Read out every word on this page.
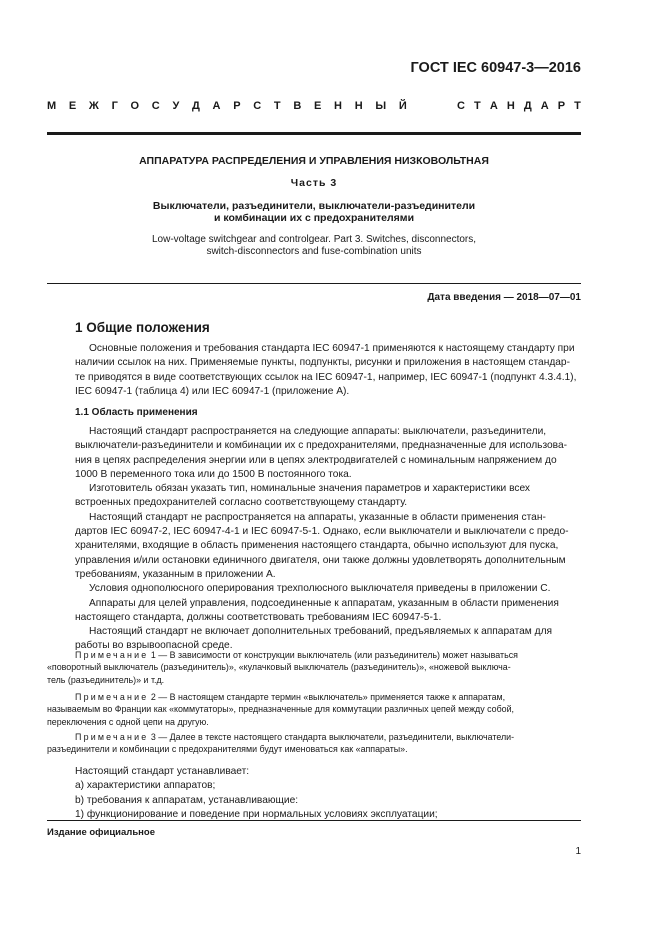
ГОСТ IEC 60947-3—2016
М Е Ж Г О С У Д А Р С Т В Е Н Н Ы Й	С Т А Н Д А Р Т
АППАРАТУРА РАСПРЕДЕЛЕНИЯ И УПРАВЛЕНИЯ НИЗКОВОЛЬТНАЯ
Часть 3
Выключатели, разъединители, выключатели-разъединители
и комбинации их с предохранителями
Low-voltage switchgear and controlgear. Part 3. Switches, disconnectors,
switch-disconnectors and fuse-combination units
Дата введения — 2018—07—01
1 Общие положения
Основные положения и требования стандарта IEC 60947-1 применяются к настоящему стандарту при
наличии ссылок на них. Применяемые пункты, подпункты, рисунки и приложения в настоящем стандар-
те приводятся в виде соответствующих ссылок на IEC 60947-1, например, IEC 60947-1 (подпункт 4.3.4.1),
IEC 60947-1 (таблица 4) или IEC 60947-1 (приложение А).
1.1 Область применения
Настоящий стандарт распространяется на следующие аппараты: выключатели, разъединители,
выключатели-разъединители и комбинации их с предохранителями, предназначенные для использова-
ния в цепях распределения энергии или в цепях электродвигателей с номинальным напряжением до
1000 В переменного тока или до 1500 В постоянного тока.
Изготовитель обязан указать тип, номинальные значения параметров и характеристики всех
встроенных предохранителей согласно соответствующему стандарту.
Настоящий стандарт не распространяется на аппараты, указанные в области применения стан-
дартов IEC 60947-2, IEC 60947-4-1 и IEC 60947-5-1. Однако, если выключатели и выключатели с предо-
хранителями, входящие в область применения настоящего стандарта, обычно используют для пуска,
управления и/или остановки единичного двигателя, они также должны удовлетворять дополнительным
требованиям, указанным в приложении А.
Условия однополюсного оперирования трехполюсного выключателя приведены в приложении С.
Аппараты для целей управления, подсоединенные к аппаратам, указанным в области применения
настоящего стандарта, должны соответствовать требованиям IEC 60947-5-1.
Настоящий стандарт не включает дополнительных требований, предъявляемых к аппаратам для
работы во взрывоопасной среде.
Примечание 1 — В зависимости от конструкции выключатель (или разъединитель) может называться
«поворотный выключатель (разъединитель)», «кулачковый выключатель (разъединитель)», «ножевой выключа-
тель (разъединитель)» и т.д.
Примечание 2 — В настоящем стандарте термин «выключатель» применяется также к аппаратам,
называемым во Франции как «коммутаторы», предназначенные для коммутации различных цепей между собой,
переключения с одной цепи на другую.
Примечание 3 — Далее в тексте настоящего стандарта выключатели, разъединители, выключатели-
разъединители и комбинации с предохранителями будут именоваться как «аппараты».
Настоящий стандарт устанавливает:
a) характеристики аппаратов;
b) требования к аппаратам, устанавливающие:
1) функционирование и поведение при нормальных условиях эксплуатации;
Издание официальное
1
